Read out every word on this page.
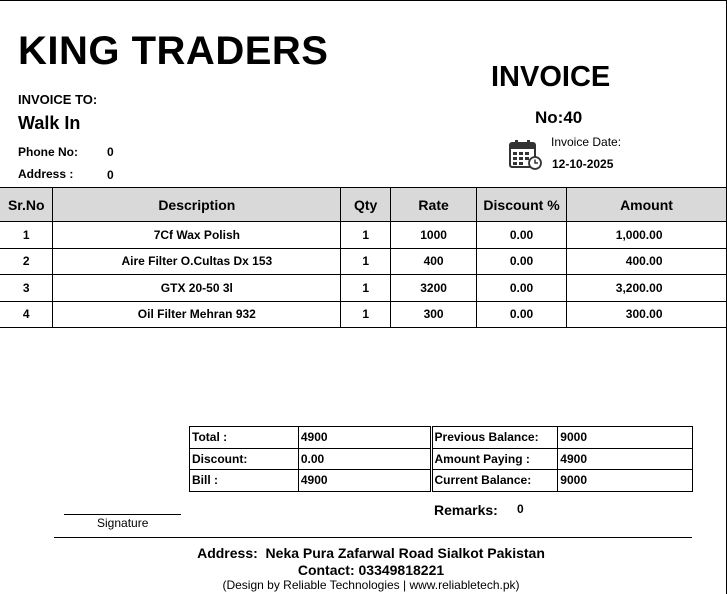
KING TRADERS
INVOICE TO:
Walk In
Phone No: 0
Address :	0
INVOICE
No:40
Invoice Date:
12-10-2025
Sr.No	Description	Qty	Rate	Discount %	Amount
1	7Cf Wax Polish	1	1000	0.00	1,000.00
2	Aire Filter O.Cultas Dx 153	1	400	0.00	400.00
3	GTX 20-50 3l	1	3200	0.00	3,200.00
4	Oil Filter Mehran 932	1	300	0.00	300.00
Total :	4900		Previous Balance:	9000
Discount:	0.00		Amount Paying :	4900
Bill :	4900		Current Balance:	9000
Remarks: 0
Signature
Address:  Neka Pura Zafarwal Road Sialkot Pakistan
Contact: 03349818221
(Design by Reliable Technologies | www.reliabletech.pk)
